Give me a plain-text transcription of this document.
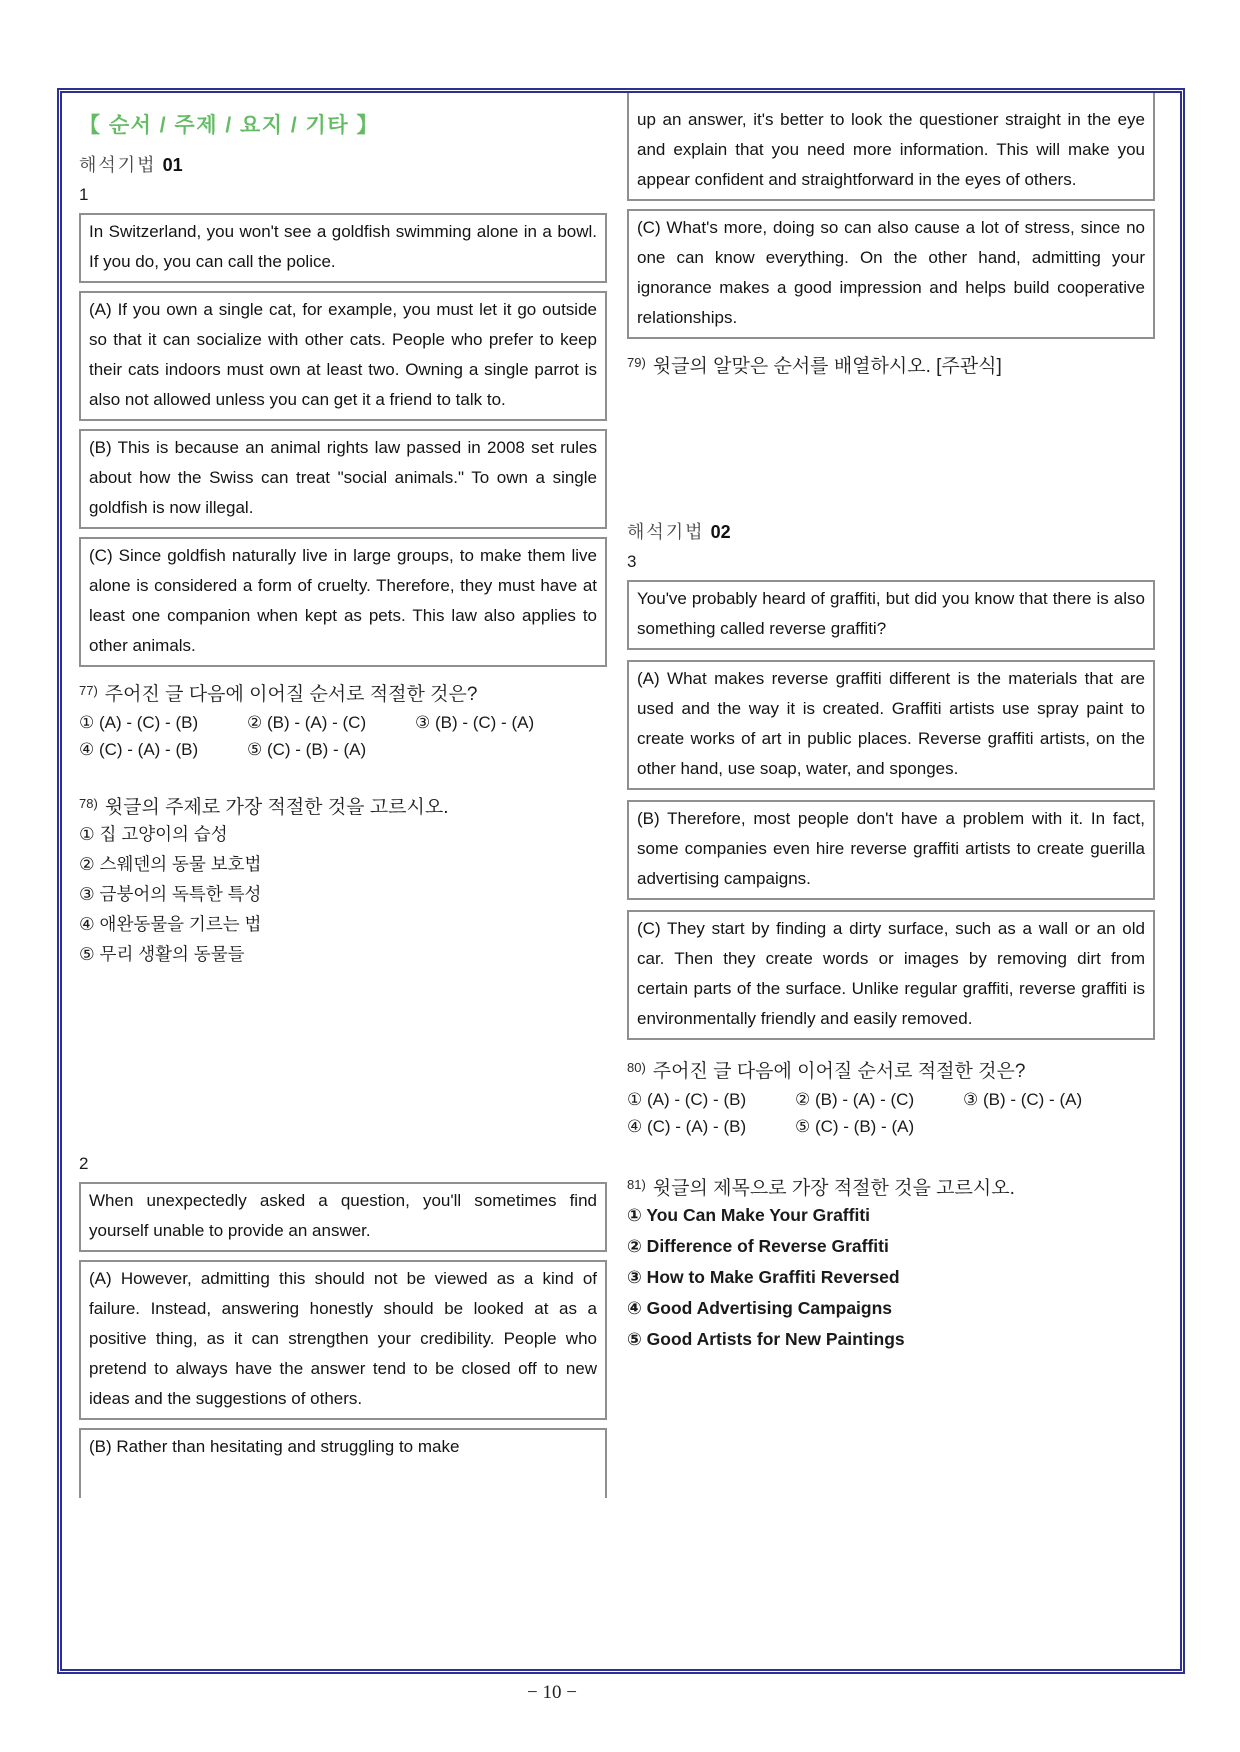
【 순서 / 주제 / 요지 / 기타 】
해석기법 01
1
In Switzerland, you won't see a goldfish swimming alone in a bowl. If you do, you can call the police.
(A) If you own a single cat, for example, you must let it go outside so that it can socialize with other cats. People who prefer to keep their cats indoors must own at least two. Owning a single parrot is also not allowed unless you can get it a friend to talk to.
(B) This is because an animal rights law passed in 2008 set rules about how the Swiss can treat "social animals." To own a single goldfish is now illegal.
(C) Since goldfish naturally live in large groups, to make them live alone is considered a form of cruelty. Therefore, they must have at least one companion when kept as pets. This law also applies to other animals.
$^{77)}$ 주어진 글 다음에 이어질 순서로 적절한 것은?
① (A) - (C) - (B)	② (B) - (A) - (C)	③ (B) - (C) - (A)
④ (C) - (A) - (B)	⑤ (C) - (B) - (A)
$^{78)}$ 윗글의 주제로 가장 적절한 것을 고르시오.
① 집 고양이의 습성
② 스웨덴의 동물 보호법
③ 금붕어의 독특한 특성
④ 애완동물을 기르는 법
⑤ 무리 생활의 동물들
2
When unexpectedly asked a question, you'll sometimes find yourself unable to provide an answer.
(A) However, admitting this should not be viewed as a kind of failure. Instead, answering honestly should be looked at as a positive thing, as it can strengthen your credibility. People who pretend to always have the answer tend to be closed off to new ideas and the suggestions of others.
(B) Rather than hesitating and struggling to make
up an answer, it's better to look the questioner straight in the eye and explain that you need more information. This will make you appear confident and straightforward in the eyes of others.
(C) What's more, doing so can also cause a lot of stress, since no one can know everything. On the other hand, admitting your ignorance makes a good impression and helps build cooperative relationships.
$^{79)}$ 윗글의 알맞은 순서를 배열하시오. [주관식]
해석기법 02
3
You've probably heard of graffiti, but did you know that there is also something called reverse graffiti?
(A) What makes reverse graffiti different is the materials that are used and the way it is created. Graffiti artists use spray paint to create works of art in public places. Reverse graffiti artists, on the other hand, use soap, water, and sponges.
(B) Therefore, most people don't have a problem with it. In fact, some companies even hire reverse graffiti artists to create guerilla advertising campaigns.
(C) They start by finding a dirty surface, such as a wall or an old car. Then they create words or images by removing dirt from certain parts of the surface. Unlike regular graffiti, reverse graffiti is environmentally friendly and easily removed.
$^{80)}$ 주어진 글 다음에 이어질 순서로 적절한 것은?
① (A) - (C) - (B)	② (B) - (A) - (C)	③ (B) - (C) - (A)
④ (C) - (A) - (B)	⑤ (C) - (B) - (A)
$^{81)}$ 윗글의 제목으로 가장 적절한 것을 고르시오.
① You Can Make Your Graffiti
② Difference of Reverse Graffiti
③ How to Make Graffiti Reversed
④ Good Advertising Campaigns
⑤ Good Artists for New Paintings
− 10 −
